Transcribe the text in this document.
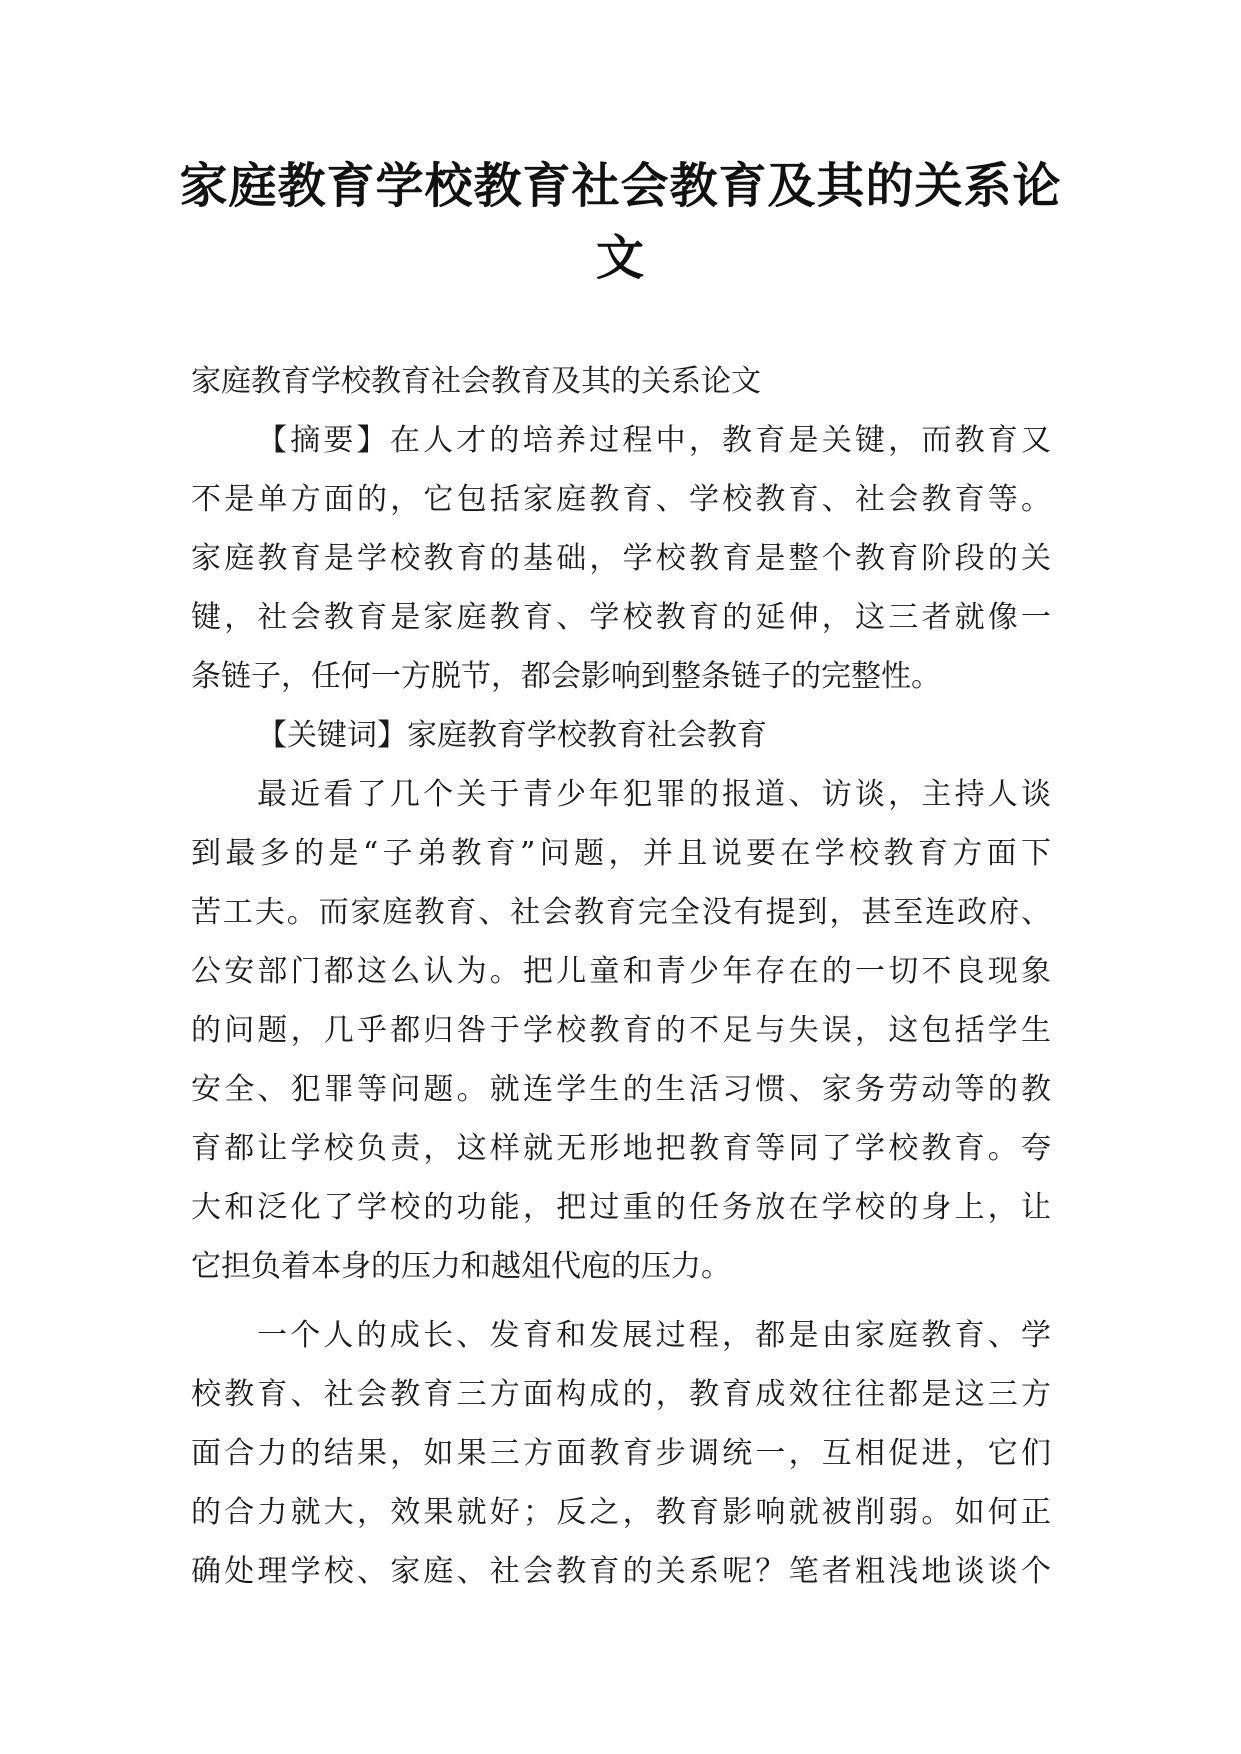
家庭教育学校教育社会教育及其的关系论
文
家庭教育学校教育社会教育及其的关系论文
【摘要】在人才的培养过程中，教育是关键，而教育又
不是单方面的，它包括家庭教育、学校教育、社会教育等。
家庭教育是学校教育的基础，学校教育是整个教育阶段的关
键，社会教育是家庭教育、学校教育的延伸，这三者就像一
条链子，任何一方脱节，都会影响到整条链子的完整性。
【关键词】家庭教育学校教育社会教育
最近看了几个关于青少年犯罪的报道、访谈，主持人谈
到最多的是“子弟教育”问题，并且说要在学校教育方面下
苦工夫。而家庭教育、社会教育完全没有提到，甚至连政府、
公安部门都这么认为。把儿童和青少年存在的一切不良现象
的问题，几乎都归咎于学校教育的不足与失误，这包括学生
安全、犯罪等问题。就连学生的生活习惯、家务劳动等的教
育都让学校负责，这样就无形地把教育等同了学校教育。夸
大和泛化了学校的功能，把过重的任务放在学校的身上，让
它担负着本身的压力和越俎代庖的压力。
一个人的成长、发育和发展过程，都是由家庭教育、学
校教育、社会教育三方面构成的，教育成效往往都是这三方
面合力的结果，如果三方面教育步调统一，互相促进，它们
的合力就大，效果就好；反之，教育影响就被削弱。如何正
确处理学校、家庭、社会教育的关系呢？笔者粗浅地谈谈个
